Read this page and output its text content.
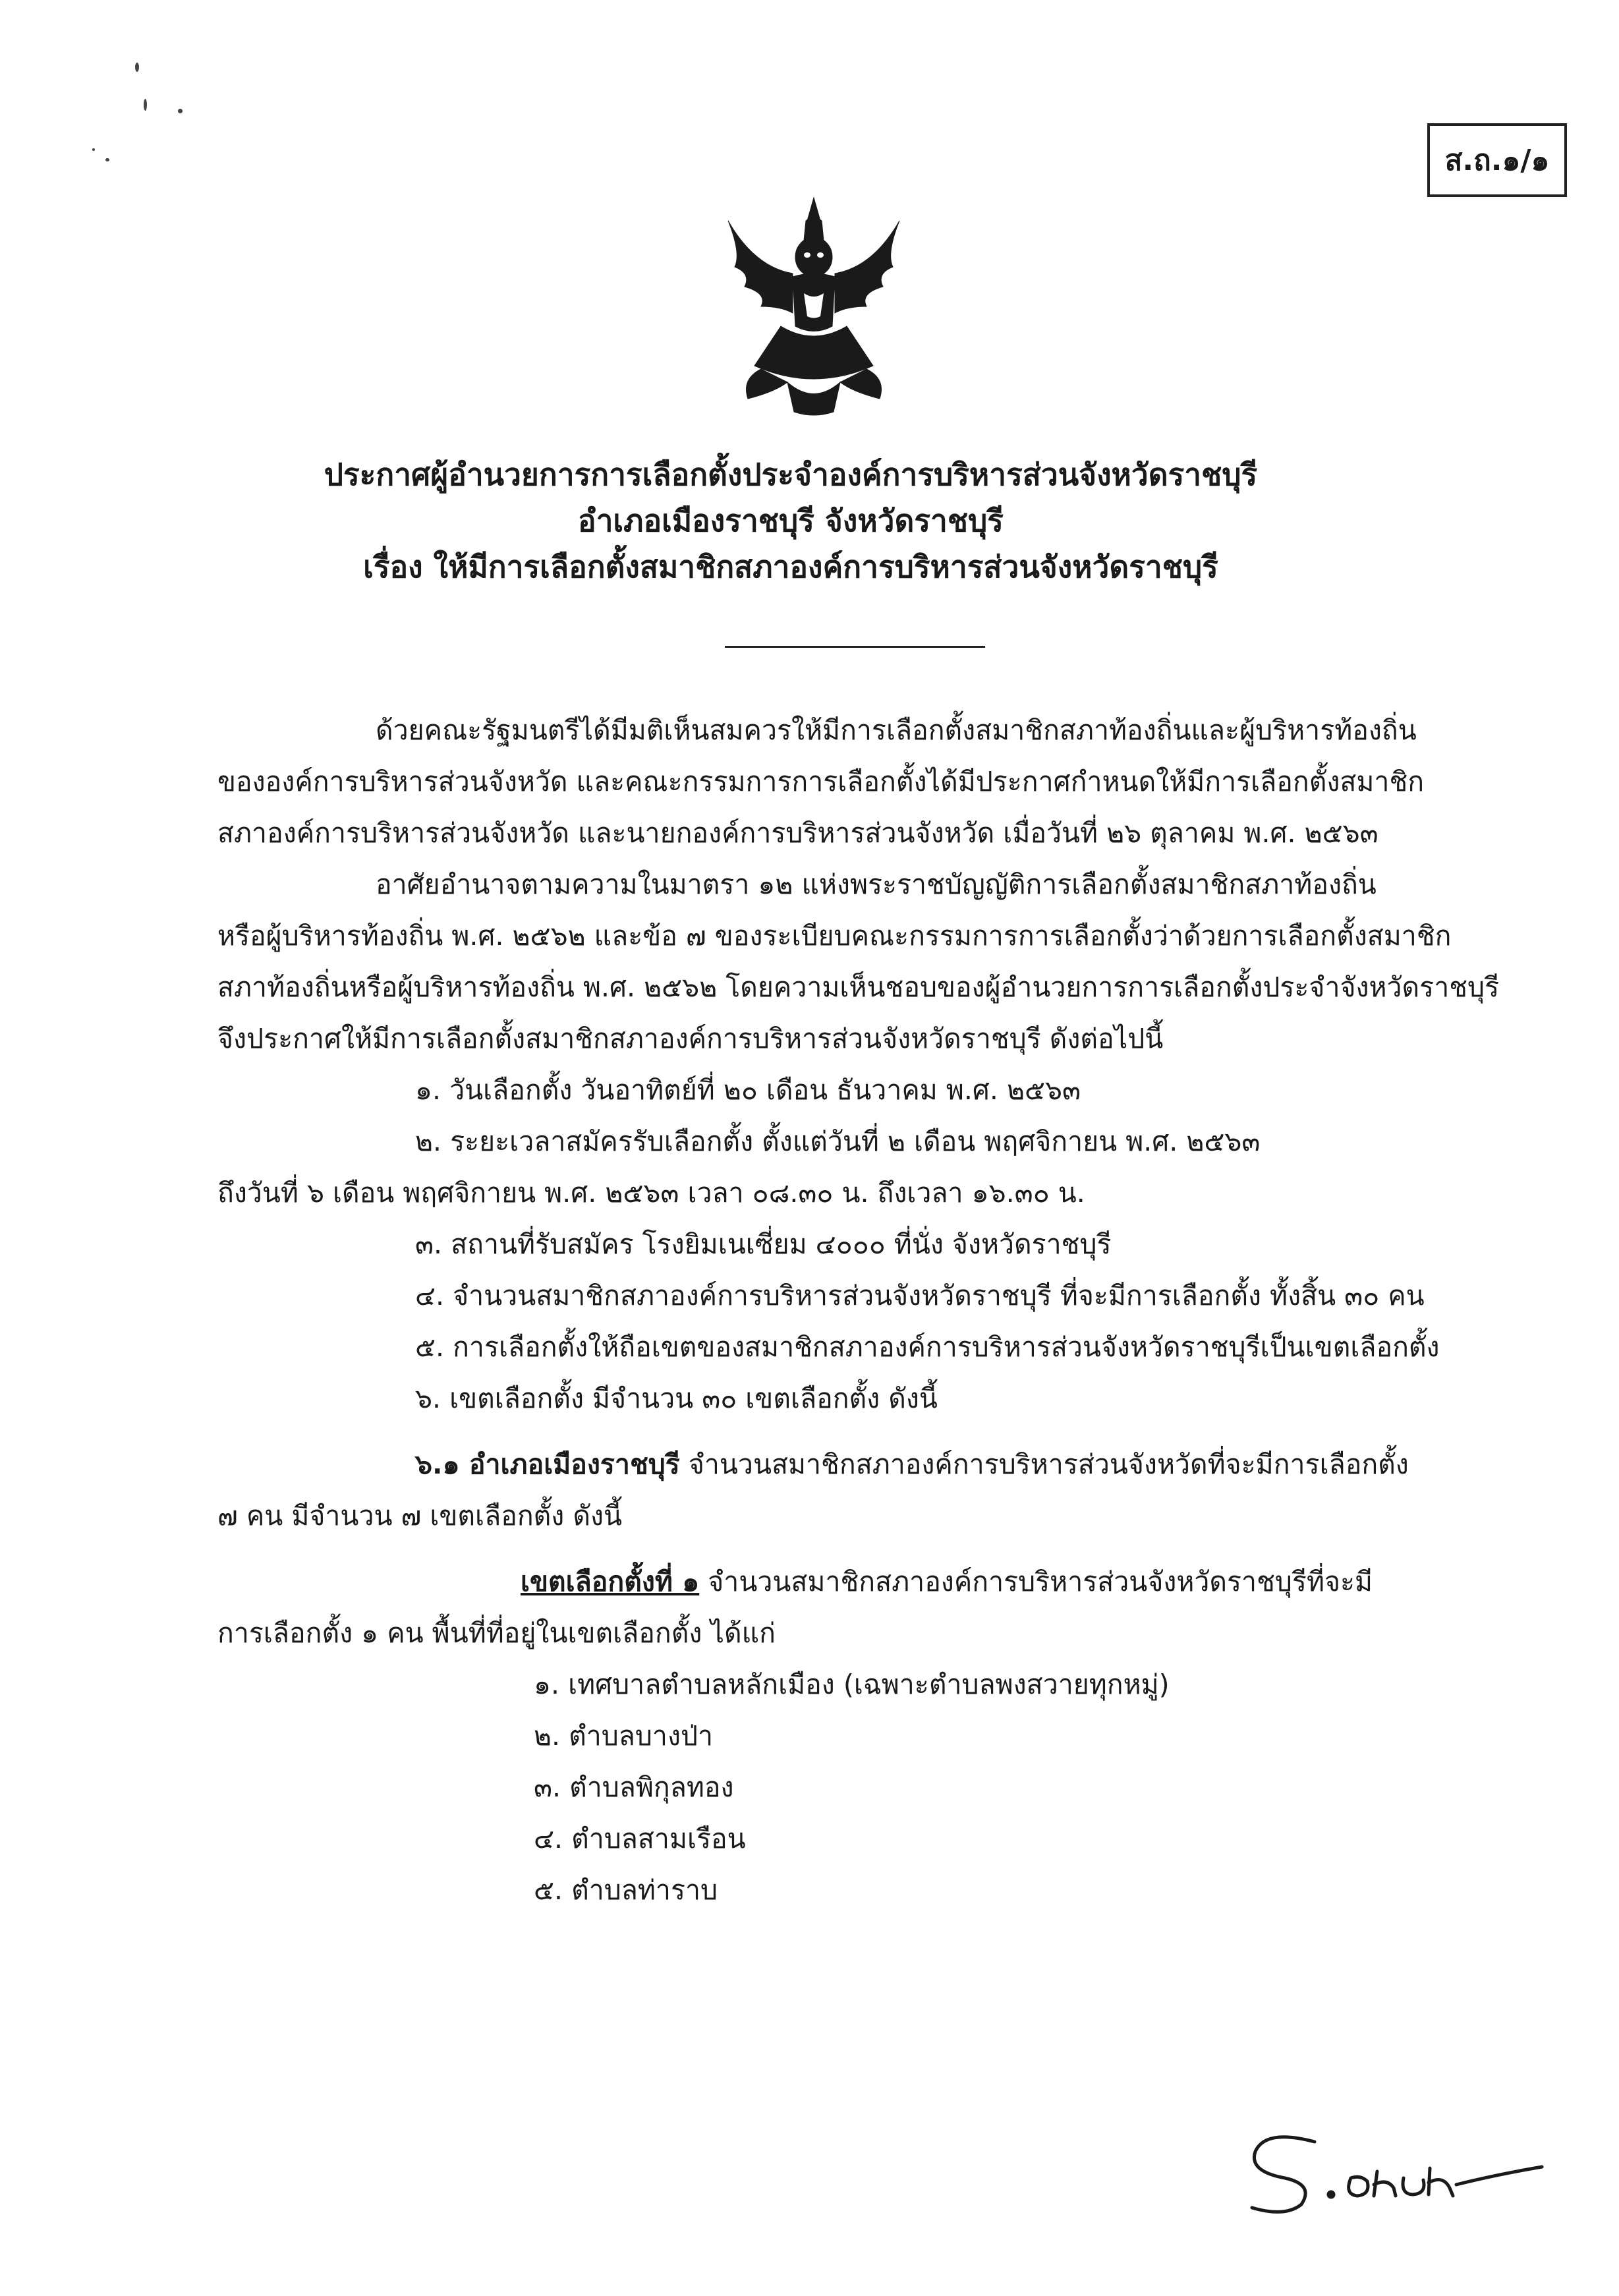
ส.ถ.๑/๑
ประกาศผู้อำนวยการการเลือกตั้งประจำองค์การบริหารส่วนจังหวัดราชบุรี
อำเภอเมืองราชบุรี จังหวัดราชบุรี
เรื่อง ให้มีการเลือกตั้งสมาชิกสภาองค์การบริหารส่วนจังหวัดราชบุรี
ด้วยคณะรัฐมนตรีได้มีมติเห็นสมควรให้มีการเลือกตั้งสมาชิกสภาท้องถิ่นและผู้บริหารท้องถิ่น
ขององค์การบริหารส่วนจังหวัด และคณะกรรมการการเลือกตั้งได้มีประกาศกำหนดให้มีการเลือกตั้งสมาชิก
สภาองค์การบริหารส่วนจังหวัด และนายกองค์การบริหารส่วนจังหวัด เมื่อวันที่ ๒๖ ตุลาคม พ.ศ. ๒๕๖๓
อาศัยอำนาจตามความในมาตรา ๑๒ แห่งพระราชบัญญัติการเลือกตั้งสมาชิกสภาท้องถิ่น
หรือผู้บริหารท้องถิ่น พ.ศ. ๒๕๖๒ และข้อ ๗ ของระเบียบคณะกรรมการการเลือกตั้งว่าด้วยการเลือกตั้งสมาชิก
สภาท้องถิ่นหรือผู้บริหารท้องถิ่น พ.ศ. ๒๕๖๒ โดยความเห็นชอบของผู้อำนวยการการเลือกตั้งประจำจังหวัดราชบุรี
จึงประกาศให้มีการเลือกตั้งสมาชิกสภาองค์การบริหารส่วนจังหวัดราชบุรี ดังต่อไปนี้
๑. วันเลือกตั้ง วันอาทิตย์ที่ ๒๐ เดือน ธันวาคม พ.ศ. ๒๕๖๓
๒. ระยะเวลาสมัครรับเลือกตั้ง ตั้งแต่วันที่ ๒ เดือน พฤศจิกายน พ.ศ. ๒๕๖๓
ถึงวันที่ ๖ เดือน พฤศจิกายน พ.ศ. ๒๕๖๓ เวลา ๐๘.๓๐ น. ถึงเวลา ๑๖.๓๐ น.
๓. สถานที่รับสมัคร โรงยิมเนเซี่ยม ๔๐๐๐ ที่นั่ง จังหวัดราชบุรี
๔. จำนวนสมาชิกสภาองค์การบริหารส่วนจังหวัดราชบุรี ที่จะมีการเลือกตั้ง ทั้งสิ้น ๓๐ คน
๕. การเลือกตั้งให้ถือเขตของสมาชิกสภาองค์การบริหารส่วนจังหวัดราชบุรีเป็นเขตเลือกตั้ง
๖. เขตเลือกตั้ง มีจำนวน ๓๐ เขตเลือกตั้ง ดังนี้
๖.๑ อำเภอเมืองราชบุรี จำนวนสมาชิกสภาองค์การบริหารส่วนจังหวัดที่จะมีการเลือกตั้ง
๗ คน มีจำนวน ๗ เขตเลือกตั้ง ดังนี้
เขตเลือกตั้งที่ ๑ จำนวนสมาชิกสภาองค์การบริหารส่วนจังหวัดราชบุรีที่จะมี
การเลือกตั้ง ๑ คน พื้นที่ที่อยู่ในเขตเลือกตั้ง ได้แก่
๑. เทศบาลตำบลหลักเมือง (เฉพาะตำบลพงสวายทุกหมู่)
๒. ตำบลบางป่า
๓. ตำบลพิกุลทอง
๔. ตำบลสามเรือน
๕. ตำบลท่าราบ
